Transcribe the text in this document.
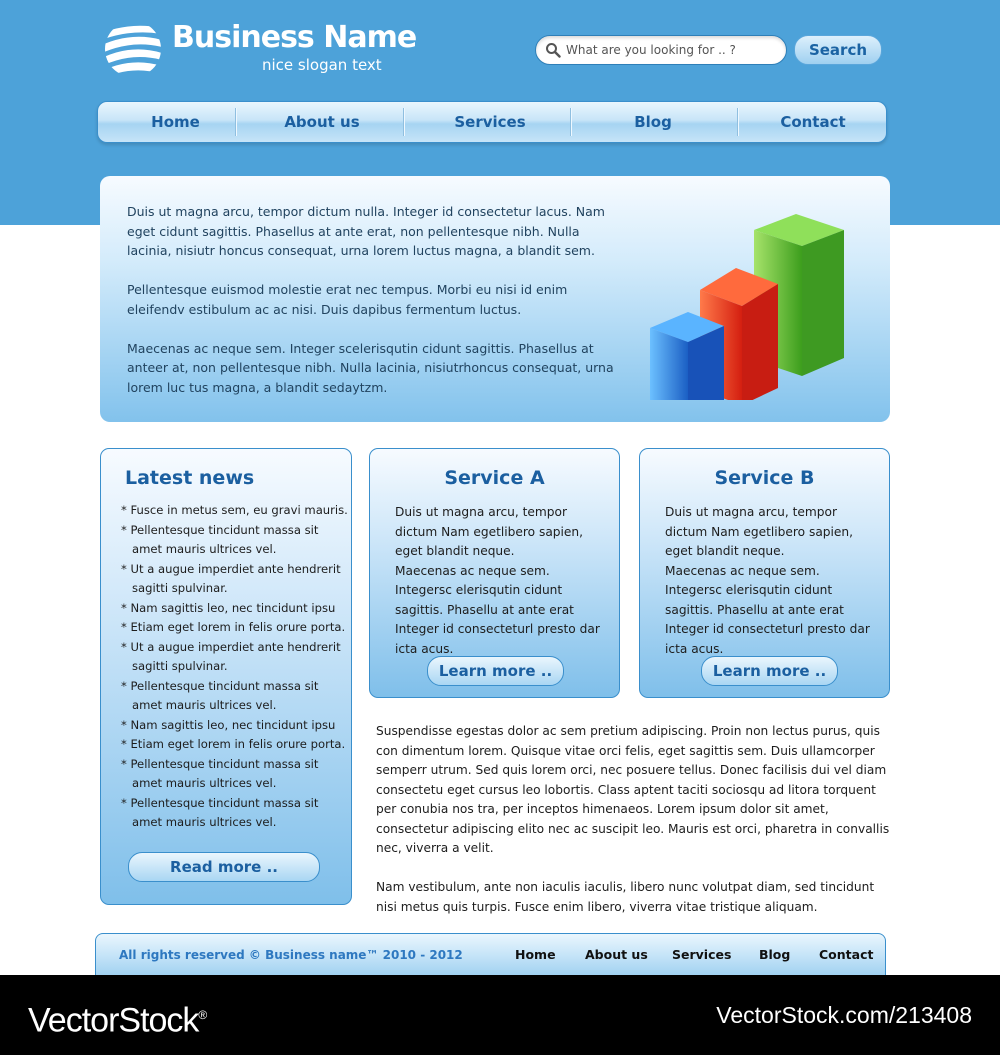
Business Name
nice slogan text
What are you looking for .. ?
Search
Home	About us	Services	Blog	Contact

Duis ut magna arcu, tempor dictum nulla. Integer id consectetur lacus. Nam eget cidunt sagittis. Phasellus at ante erat, non pellentesque nibh. Nulla lacinia, nisiutr honcus consequat, urna lorem luctus magna, a blandit sem.

Pellentesque euismod molestie erat nec tempus. Morbi eu nisi id enim eleifendv estibulum ac ac nisi. Duis dapibus fermentum luctus.

Maecenas ac neque sem. Integer scelerisqutin cidunt sagittis. Phasellus at anteer at, non pellentesque nibh. Nulla lacinia, nisiutrhoncus consequat, urna lorem luc tus magna, a blandit sedaytzm.

Latest news
* Fusce in metus sem, eu gravi mauris.
* Pellentesque tincidunt massa sit amet mauris ultrices vel.
* Ut a augue imperdiet ante hendrerit sagitti spulvinar.
* Nam sagittis leo, nec tincidunt ipsu
* Etiam eget lorem in felis orure porta.
* Ut a augue imperdiet ante hendrerit sagitti spulvinar.
* Pellentesque tincidunt massa sit amet mauris ultrices vel.
* Nam sagittis leo, nec tincidunt ipsu
* Etiam eget lorem in felis orure porta.
* Pellentesque tincidunt massa sit amet mauris ultrices vel.
* Pellentesque tincidunt massa sit amet mauris ultrices vel.
Read more ..
Service A

Duis ut magna arcu, tempor dictum Nam egetlibero sapien, eget blandit neque.

Maecenas ac neque sem. Integersc elerisqutin cidunt sagittis. Phasellu at ante erat Integer id consecteturl presto dar icta acus.

Learn more ..
Service B

Duis ut magna arcu, tempor dictum Nam egetlibero sapien, eget blandit neque.

Maecenas ac neque sem. Integersc elerisqutin cidunt sagittis. Phasellu at ante erat Integer id consecteturl presto dar icta acus.

Learn more ..

Suspendisse egestas dolor ac sem pretium adipiscing. Proin non lectus purus, quis con dimentum lorem. Quisque vitae orci felis, eget sagittis sem. Duis ullamcorper semperr utrum. Sed quis lorem orci, nec posuere tellus. Donec facilisis dui vel diam consectetu eget cursus leo lobortis. Class aptent taciti sociosqu ad litora torquent per conubia nos tra, per inceptos himenaeos. Lorem ipsum dolor sit amet, consectetur adipiscing elito nec ac suscipit leo. Mauris est orci, pharetra in convallis nec, viverra a velit.

Nam vestibulum, ante non iaculis iaculis, libero nunc volutpat diam, sed tincidunt nisi metus quis turpis. Fusce enim libero, viverra vitae tristique aliquam.

All rights reserved © Business name™ 2010 - 2012	Home About us Services Blog Contact
VectorStock®	VectorStock.com/213408
